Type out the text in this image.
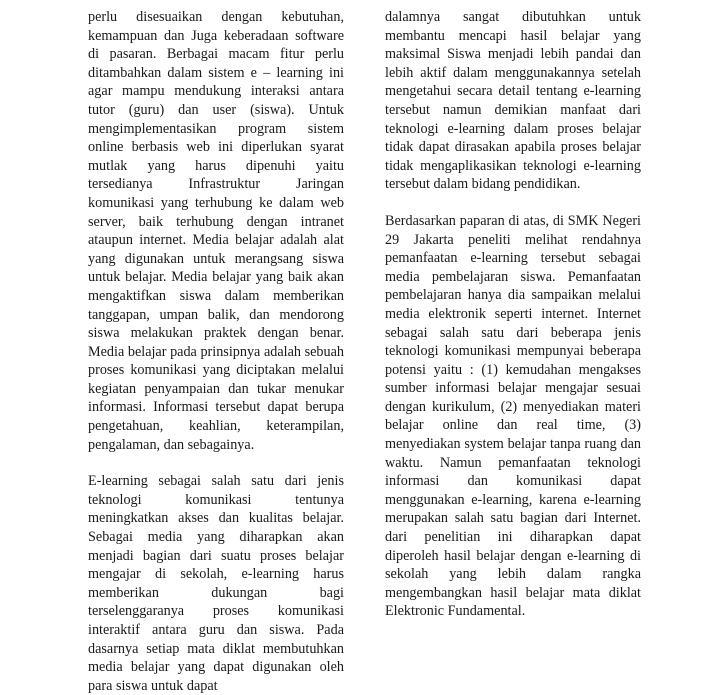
perlu disesuaikan dengan kebutuhan, kemampuan dan Juga keberadaan software di pasaran. Berbagai macam fitur perlu ditambahkan dalam sistem e – learning ini agar mampu mendukung interaksi antara tutor (guru) dan user (siswa). Untuk mengimplementasikan program sistem online berbasis web ini diperlukan syarat mutlak yang harus dipenuhi yaitu tersedianya Infrastruktur Jaringan komunikasi yang terhubung ke dalam web server, baik terhubung dengan intranet ataupun internet. Media belajar adalah alat yang digunakan untuk merangsang siswa untuk belajar. Media belajar yang baik akan mengaktifkan siswa dalam memberikan tanggapan, umpan balik, dan mendorong siswa melakukan praktek dengan benar. Media belajar pada prinsipnya adalah sebuah proses komunikasi yang diciptakan melalui kegiatan penyampaian dan tukar menukar informasi. Informasi tersebut dapat berupa pengetahuan, keahlian, keterampilan, pengalaman, dan sebagainya.

E-learning sebagai salah satu dari jenis teknologi komunikasi tentunya meningkatkan akses dan kualitas belajar. Sebagai media yang diharapkan akan menjadi bagian dari suatu proses belajar mengajar di sekolah, e-learning harus memberikan dukungan bagi terselenggaranya proses komunikasi interaktif antara guru dan siswa. Pada dasarnya setiap mata diklat membutuhkan media belajar yang dapat digunakan oleh para siswa untuk dapat

dalamnya sangat dibutuhkan untuk membantu mencapi hasil belajar yang maksimal Siswa menjadi lebih pandai dan lebih aktif dalam menggunakannya setelah mengetahui secara detail tentang e-learning tersebut namun demikian manfaat dari teknologi e-learning dalam proses belajar tidak dapat dirasakan apabila proses belajar tidak mengaplikasikan teknologi e-learning tersebut dalam bidang pendidikan.

Berdasarkan paparan di atas, di SMK Negeri 29 Jakarta peneliti melihat rendahnya pemanfaatan e-learning tersebut sebagai media pembelajaran siswa. Pemanfaatan pembelajaran hanya dia sampaikan melalui media elektronik seperti internet. Internet sebagai salah satu dari beberapa jenis teknologi komunikasi mempunyai beberapa potensi yaitu : (1) kemudahan mengakses sumber informasi belajar mengajar sesuai dengan kurikulum, (2) menyediakan materi belajar online dan real time, (3) menyediakan system belajar tanpa ruang dan waktu. Namun pemanfaatan teknologi informasi dan komunikasi dapat menggunakan e-learning, karena e-learning merupakan salah satu bagian dari Internet. dari penelitian ini diharapkan dapat diperoleh hasil belajar dengan e-learning di sekolah yang lebih dalam rangka mengembangkan hasil belajar mata diklat Elektronic Fundamental.
